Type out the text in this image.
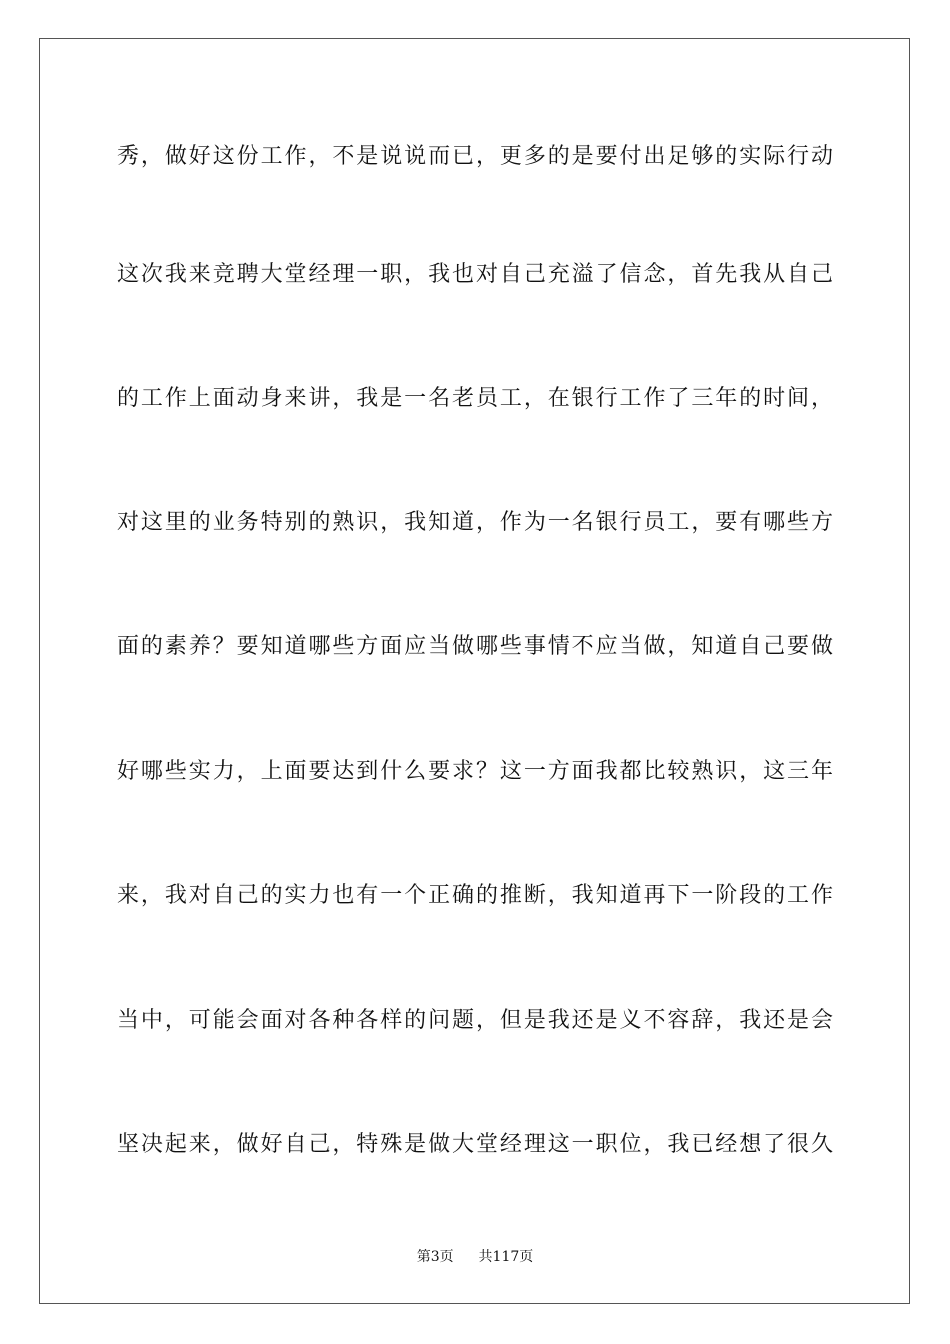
秀，做好这份工作，不是说说而已，更多的是要付出足够的实际行动
这次我来竞聘大堂经理一职，我也对自己充溢了信念，首先我从自己
的工作上面动身来讲，我是一名老员工，在银行工作了三年的时间，
对这里的业务特别的熟识，我知道，作为一名银行员工，要有哪些方
面的素养？要知道哪些方面应当做哪些事情不应当做，知道自己要做
好哪些实力，上面要达到什么要求？这一方面我都比较熟识，这三年
来，我对自己的实力也有一个正确的推断，我知道再下一阶段的工作
当中，可能会面对各种各样的问题，但是我还是义不容辞，我还是会
坚决起来，做好自己，特殊是做大堂经理这一职位，我已经想了很久
第3页 共117页
